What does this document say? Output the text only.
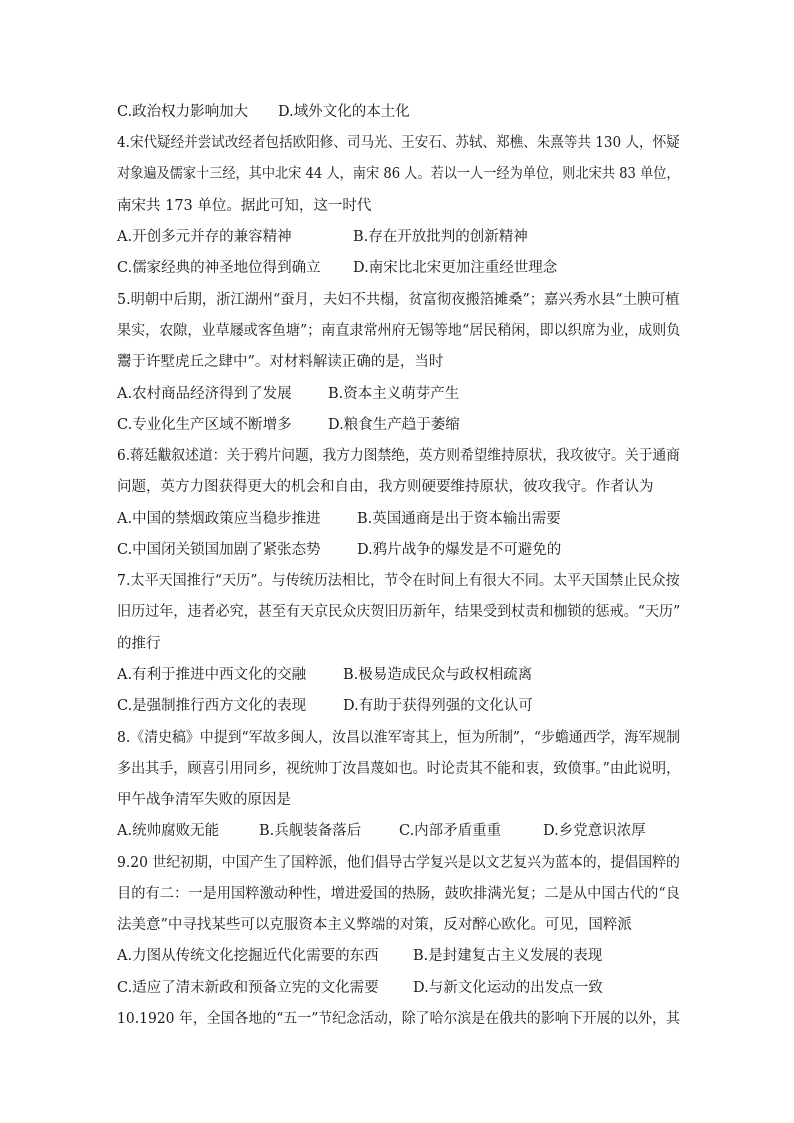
C.政治权力影响加大 D.域外文化的本土化
4.宋代疑经并尝试改经者包括欧阳修、司马光、王安石、苏轼、郑樵、朱熹等共 130 人，怀疑
对象遍及儒家十三经，其中北宋 44 人，南宋 86 人。若以一人一经为单位，则北宋共 83 单位，
南宋共 173 单位。据此可知，这一时代
A.开创多元并存的兼容精神	B.存在开放批判的创新精神
C.儒家经典的神圣地位得到确立 D.南宋比北宋更加注重经世理念
5.明朝中后期，浙江湖州“蚕月，夫妇不共榻，贫富彻夜搬箔摊桑”；嘉兴秀水县“土腴可植
果实，农隙，业草屦或客鱼塘”；南直隶常州府无锡等地“居民稍闲，即以织席为业，成则负
鬻于许墅虎丘之肆中”。对材料解读正确的是，当时
A.农村商品经济得到了发展	B.资本主义萌芽产生
C.专业化生产区域不断增多	D.粮食生产趋于萎缩
6.蒋廷黻叙述道：关于鸦片问题，我方力图禁绝，英方则希望维持原状，我攻彼守。关于通商
问题，英方力图获得更大的机会和自由，我方则硬要维持原状，彼攻我守。作者认为
A.中国的禁烟政策应当稳步推进	B.英国通商是出于资本输出需要
C.中国闭关锁国加剧了紧张态势	D.鸦片战争的爆发是不可避免的
7.太平天国推行“天历”。与传统历法相比，节令在时间上有很大不同。太平天国禁止民众按
旧历过年，违者必究，甚至有天京民众庆贺旧历新年，结果受到杖责和枷锁的惩戒。“天历”
的推行
A.有利于推进中西文化的交融	B.极易造成民众与政权相疏离
C.是强制推行西方文化的表现	D.有助于获得列强的文化认可
8.《清史稿》中提到“军故多闽人，汝昌以淮军寄其上，恒为所制”，“步蟾通西学，海军规制
多出其手，顾喜引用同乡，视统帅丁汝昌蔑如也。时论责其不能和衷，致偾事。”由此说明，
甲午战争清军失败的原因是
A.统帅腐败无能	B.兵舰装备落后	C.内部矛盾重重	D.乡党意识浓厚
9.20 世纪初期，中国产生了国粹派，他们倡导古学复兴是以文艺复兴为蓝本的，提倡国粹的
目的有二：一是用国粹激动种性，增进爱国的热肠，鼓吹排满光复；二是从中国古代的“良
法美意”中寻找某些可以克服资本主义弊端的对策，反对醉心欧化。可见，国粹派
A.力图从传统文化挖掘近代化需要的东西 B.是封建复古主义发展的表现
C.适应了清末新政和预备立宪的文化需要 D.与新文化运动的出发点一致
10.1920 年，全国各地的“五一”节纪念活动，除了哈尔滨是在俄共的影响下开展的以外，其
